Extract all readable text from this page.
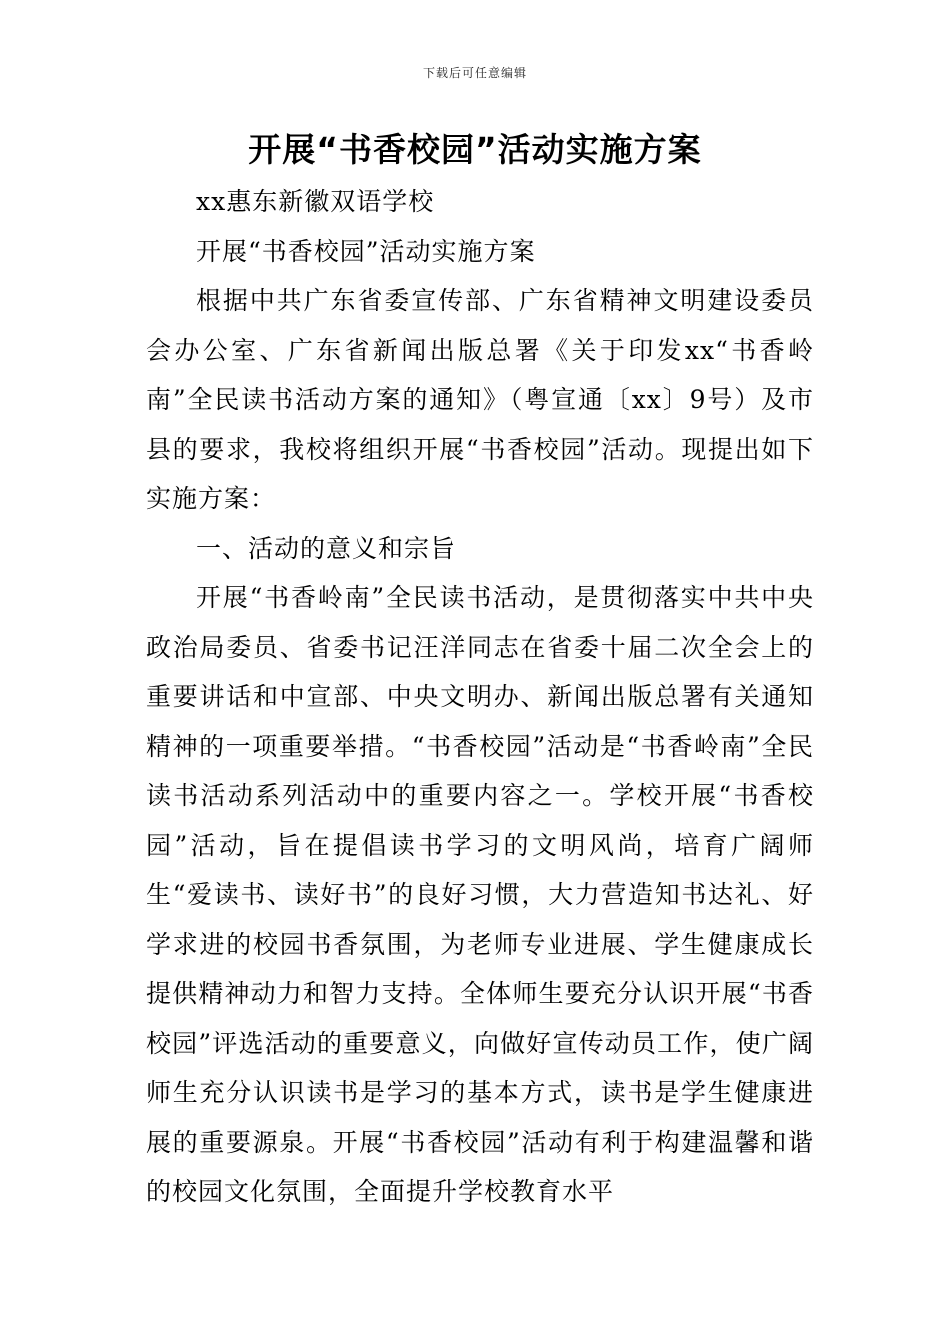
下载后可任意编辑
开展“书香校园”活动实施方案

xx惠东新徽双语学校

开展“书香校园”活动实施方案

根据中共广东省委宣传部、广东省精神文明建设委员会办公室、广东省新闻出版总署《关于印发xx“书香岭南”全民读书活动方案的通知》（粤宣通〔xx〕9号）及市县的要求，我校将组织开展“书香校园”活动。现提出如下实施方案：

一、活动的意义和宗旨

开展“书香岭南”全民读书活动，是贯彻落实中共中央政治局委员、省委书记汪洋同志在省委十届二次全会上的重要讲话和中宣部、中央文明办、新闻出版总署有关通知精神的一项重要举措。“书香校园”活动是“书香岭南”全民读书活动系列活动中的重要内容之一。学校开展“书香校园”活动，旨在提倡读书学习的文明风尚，培育广阔师生“爱读书、读好书”的良好习惯，大力营造知书达礼、好学求进的校园书香氛围，为老师专业进展、学生健康成长提供精神动力和智力支持。全体师生要充分认识开展“书香校园”评选活动的重要意义，向做好宣传动员工作，使广阔师生充分认识读书是学习的基本方式，读书是学生健康进展的重要源泉。开展“书香校园”活动有利于构建温馨和谐的校园文化氛围，全面提升学校教育水平
